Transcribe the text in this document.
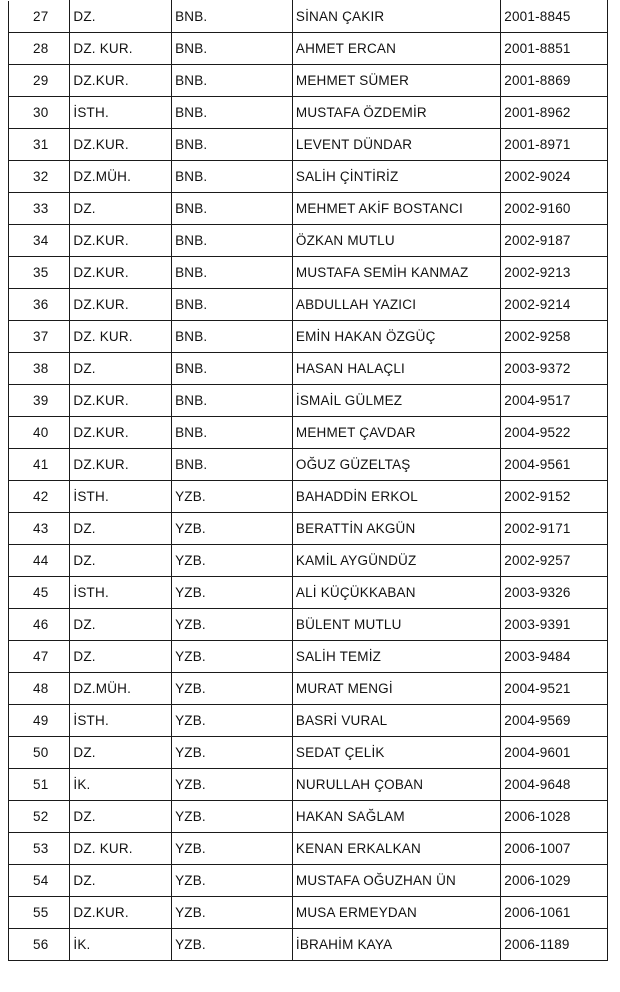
27	DZ.	BNB.	SİNAN ÇAKIR	2001-8845
28	DZ. KUR.	BNB.	AHMET ERCAN	2001-8851
29	DZ.KUR.	BNB.	MEHMET SÜMER	2001-8869
30	İSTH.	BNB.	MUSTAFA ÖZDEMİR	2001-8962
31	DZ.KUR.	BNB.	LEVENT DÜNDAR	2001-8971
32	DZ.MÜH.	BNB.	SALİH ÇİNTİRİZ	2002-9024
33	DZ.	BNB.	MEHMET AKİF BOSTANCI	2002-9160
34	DZ.KUR.	BNB.	ÖZKAN MUTLU	2002-9187
35	DZ.KUR.	BNB.	MUSTAFA SEMİH KANMAZ	2002-9213
36	DZ.KUR.	BNB.	ABDULLAH YAZICI	2002-9214
37	DZ. KUR.	BNB.	EMİN HAKAN ÖZGÜÇ	2002-9258
38	DZ.	BNB.	HASAN HALAÇLI	2003-9372
39	DZ.KUR.	BNB.	İSMAİL GÜLMEZ	2004-9517
40	DZ.KUR.	BNB.	MEHMET ÇAVDAR	2004-9522
41	DZ.KUR.	BNB.	OĞUZ GÜZELTAŞ	2004-9561
42	İSTH.	YZB.	BAHADDİN ERKOL	2002-9152
43	DZ.	YZB.	BERATTİN AKGÜN	2002-9171
44	DZ.	YZB.	KAMİL AYGÜNDÜZ	2002-9257
45	İSTH.	YZB.	ALİ KÜÇÜKKABAN	2003-9326
46	DZ.	YZB.	BÜLENT MUTLU	2003-9391
47	DZ.	YZB.	SALİH TEMİZ	2003-9484
48	DZ.MÜH.	YZB.	MURAT MENGİ	2004-9521
49	İSTH.	YZB.	BASRİ VURAL	2004-9569
50	DZ.	YZB.	SEDAT ÇELİK	2004-9601
51	İK.	YZB.	NURULLAH ÇOBAN	2004-9648
52	DZ.	YZB.	HAKAN SAĞLAM	2006-1028
53	DZ. KUR.	YZB.	KENAN ERKALKAN	2006-1007
54	DZ.	YZB.	MUSTAFA OĞUZHAN ÜN	2006-1029
55	DZ.KUR.	YZB.	MUSA ERMEYDAN	2006-1061
56	İK.	YZB.	İBRAHİM KAYA	2006-1189
